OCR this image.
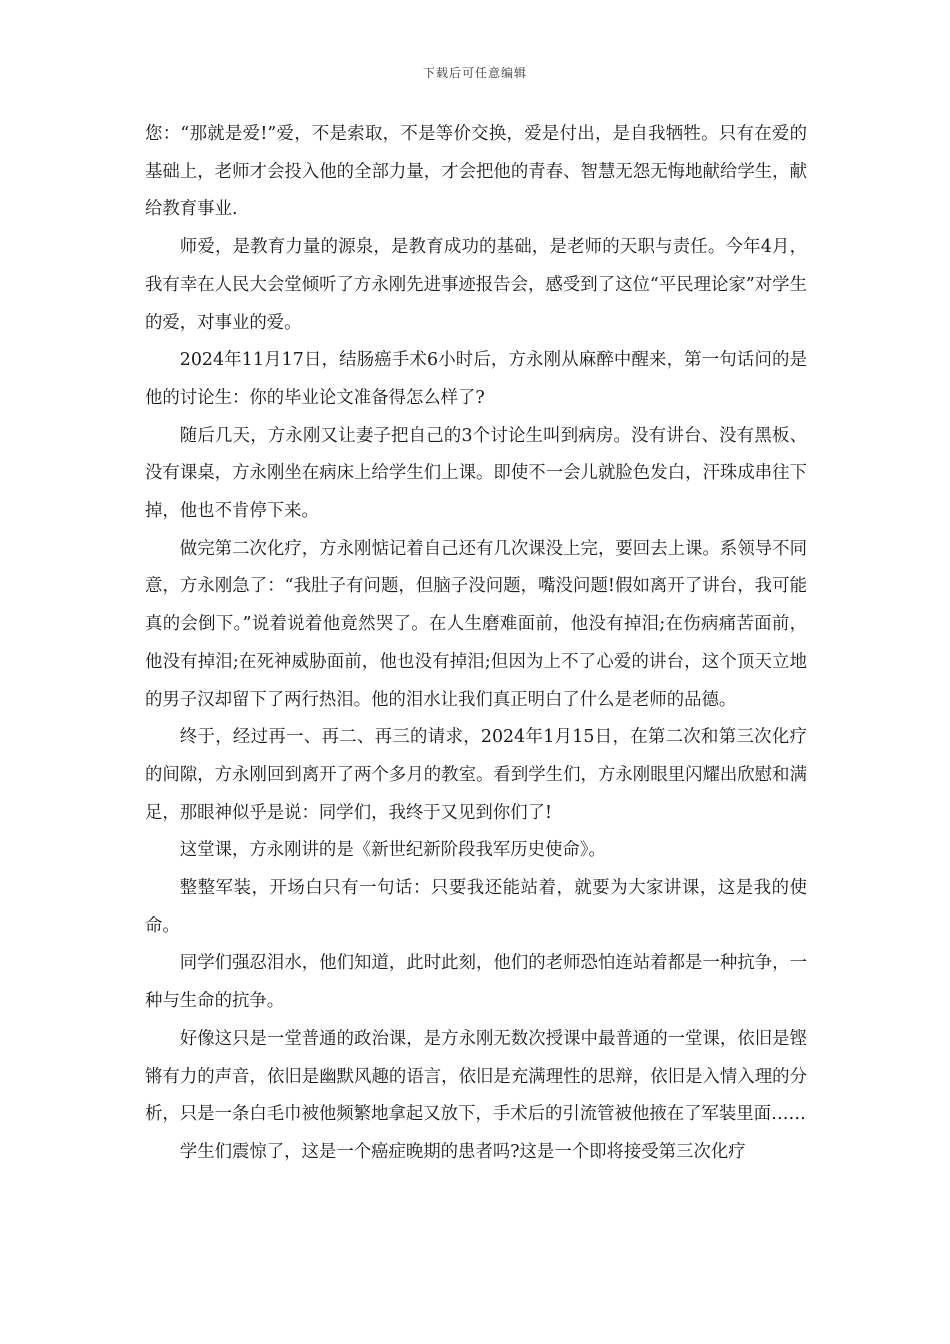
下载后可任意编辑

您：“那就是爱!”爱，不是索取，不是等价交换，爱是付出，是自我牺牲。只有在爱的基础上，老师才会投入他的全部力量，才会把他的青春、智慧无怨无悔地献给学生，献给教育事业.

师爱，是教育力量的源泉，是教育成功的基础，是老师的天职与责任。今年4月，我有幸在人民大会堂倾听了方永刚先进事迹报告会，感受到了这位“平民理论家”对学生的爱，对事业的爱。

2024年11月17日，结肠癌手术6小时后，方永刚从麻醉中醒来，第一句话问的是他的讨论生：你的毕业论文准备得怎么样了?

随后几天，方永刚又让妻子把自己的3个讨论生叫到病房。没有讲台、没有黑板、没有课桌，方永刚坐在病床上给学生们上课。即使不一会儿就脸色发白，汗珠成串往下掉，他也不肯停下来。

做完第二次化疗，方永刚惦记着自己还有几次课没上完，要回去上课。系领导不同意，方永刚急了：“我肚子有问题，但脑子没问题，嘴没问题!假如离开了讲台，我可能真的会倒下。”说着说着他竟然哭了。在人生磨难面前，他没有掉泪;在伤病痛苦面前，他没有掉泪;在死神威胁面前，他也没有掉泪;但因为上不了心爱的讲台，这个顶天立地的男子汉却留下了两行热泪。他的泪水让我们真正明白了什么是老师的品德。

终于，经过再一、再二、再三的请求，2024年1月15日，在第二次和第三次化疗的间隙，方永刚回到离开了两个多月的教室。看到学生们，方永刚眼里闪耀出欣慰和满足，那眼神似乎是说：同学们，我终于又见到你们了!

这堂课，方永刚讲的是《新世纪新阶段我军历史使命》。

整整军装，开场白只有一句话：只要我还能站着，就要为大家讲课，这是我的使命。

同学们强忍泪水，他们知道，此时此刻，他们的老师恐怕连站着都是一种抗争，一种与生命的抗争。

好像这只是一堂普通的政治课，是方永刚无数次授课中最普通的一堂课，依旧是铿锵有力的声音，依旧是幽默风趣的语言，依旧是充满理性的思辩，依旧是入情入理的分析，只是一条白毛巾被他频繁地拿起又放下，手术后的引流管被他掖在了军装里面……

学生们震惊了，这是一个癌症晚期的患者吗?这是一个即将接受第三次化疗
